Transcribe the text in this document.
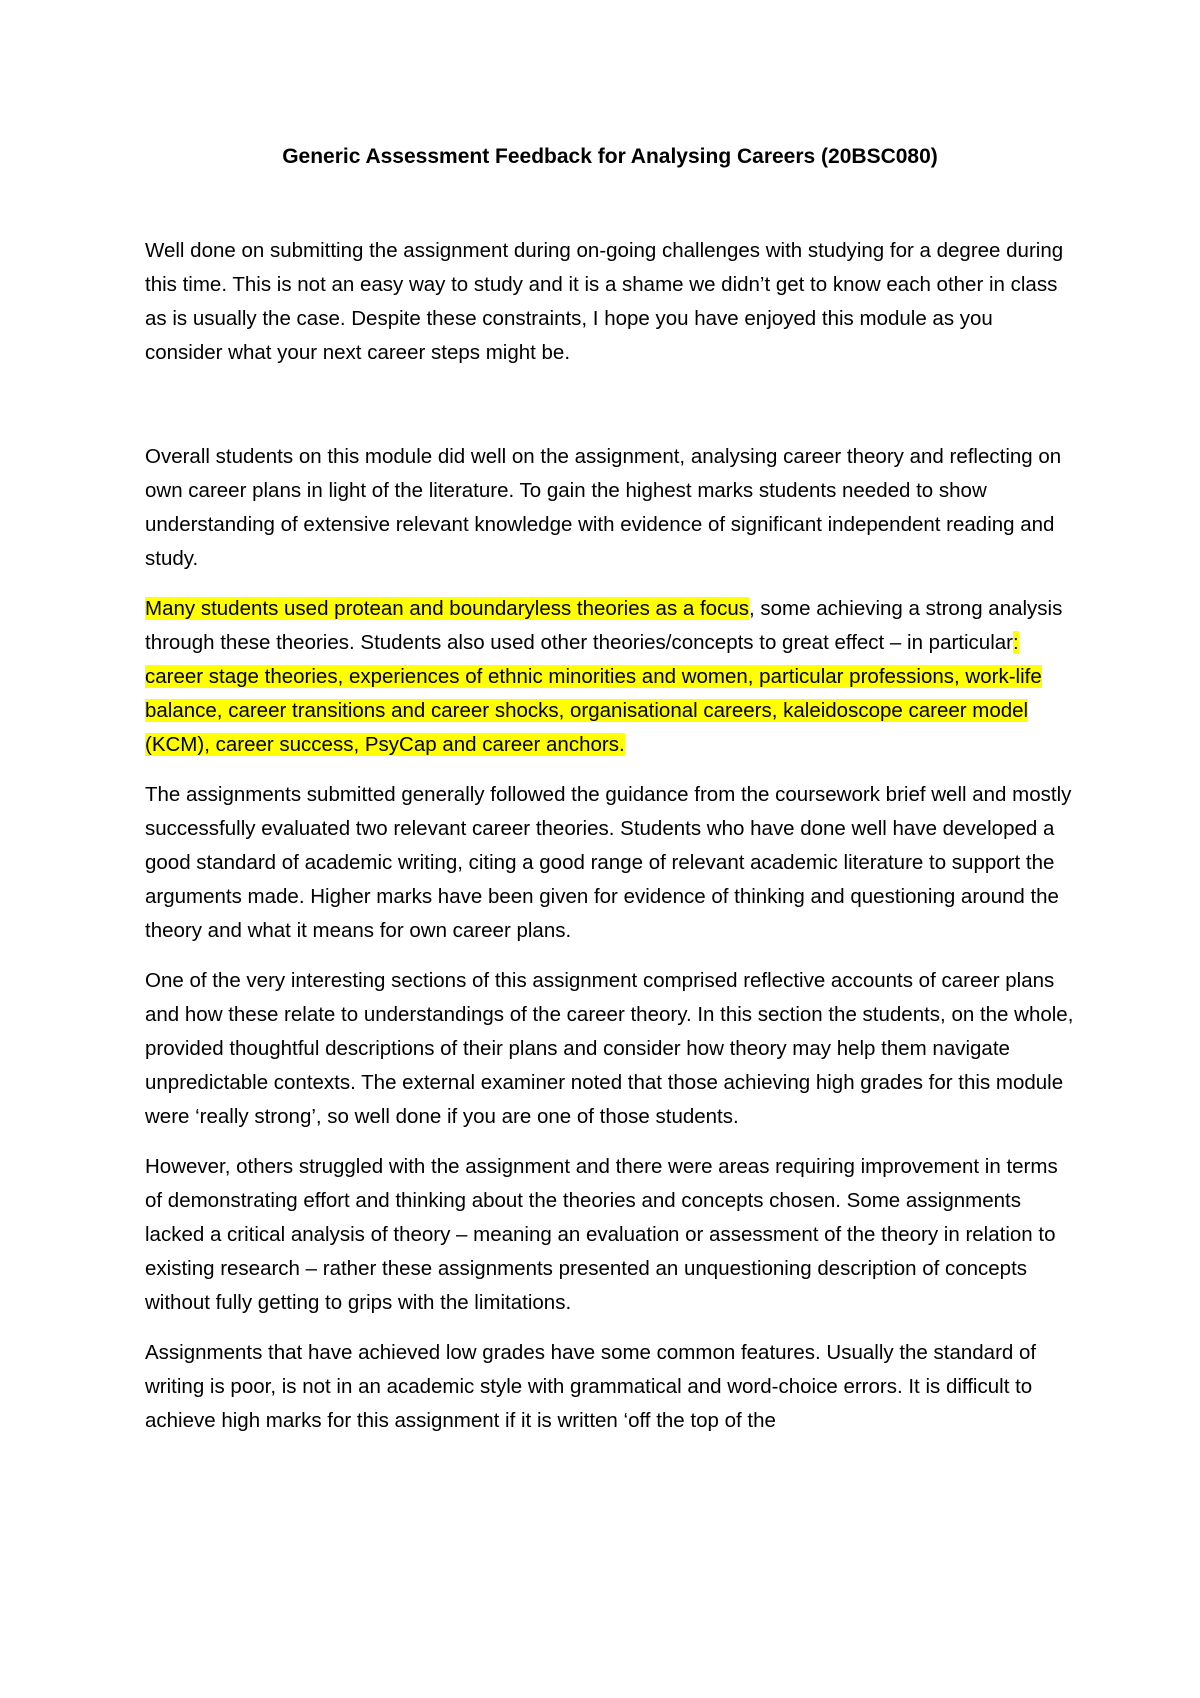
Generic Assessment Feedback for Analysing Careers (20BSC080)

Well done on submitting the assignment during on-going challenges with studying for a degree during this time. This is not an easy way to study and it is a shame we didn’t get to know each other in class as is usually the case. Despite these constraints, I hope you have enjoyed this module as you consider what your next career steps might be.

Overall students on this module did well on the assignment, analysing career theory and reflecting on own career plans in light of the literature. To gain the highest marks students needed to show understanding of extensive relevant knowledge with evidence of significant independent reading and study.

Many students used protean and boundaryless theories as a focus, some achieving a strong analysis through these theories. Students also used other theories/concepts to great effect – in particular: career stage theories, experiences of ethnic minorities and women, particular professions, work-life balance, career transitions and career shocks, organisational careers, kaleidoscope career model (KCM), career success, PsyCap and career anchors.

The assignments submitted generally followed the guidance from the coursework brief well and mostly successfully evaluated two relevant career theories. Students who have done well have developed a good standard of academic writing, citing a good range of relevant academic literature to support the arguments made. Higher marks have been given for evidence of thinking and questioning around the theory and what it means for own career plans.

One of the very interesting sections of this assignment comprised reflective accounts of career plans and how these relate to understandings of the career theory. In this section the students, on the whole, provided thoughtful descriptions of their plans and consider how theory may help them navigate unpredictable contexts. The external examiner noted that those achieving high grades for this module were ‘really strong’, so well done if you are one of those students.

However, others struggled with the assignment and there were areas requiring improvement in terms of demonstrating effort and thinking about the theories and concepts chosen. Some assignments lacked a critical analysis of theory – meaning an evaluation or assessment of the theory in relation to existing research – rather these assignments presented an unquestioning description of concepts without fully getting to grips with the limitations.

Assignments that have achieved low grades have some common features. Usually the standard of writing is poor, is not in an academic style with grammatical and word-choice errors. It is difficult to achieve high marks for this assignment if it is written ‘off the top of the
